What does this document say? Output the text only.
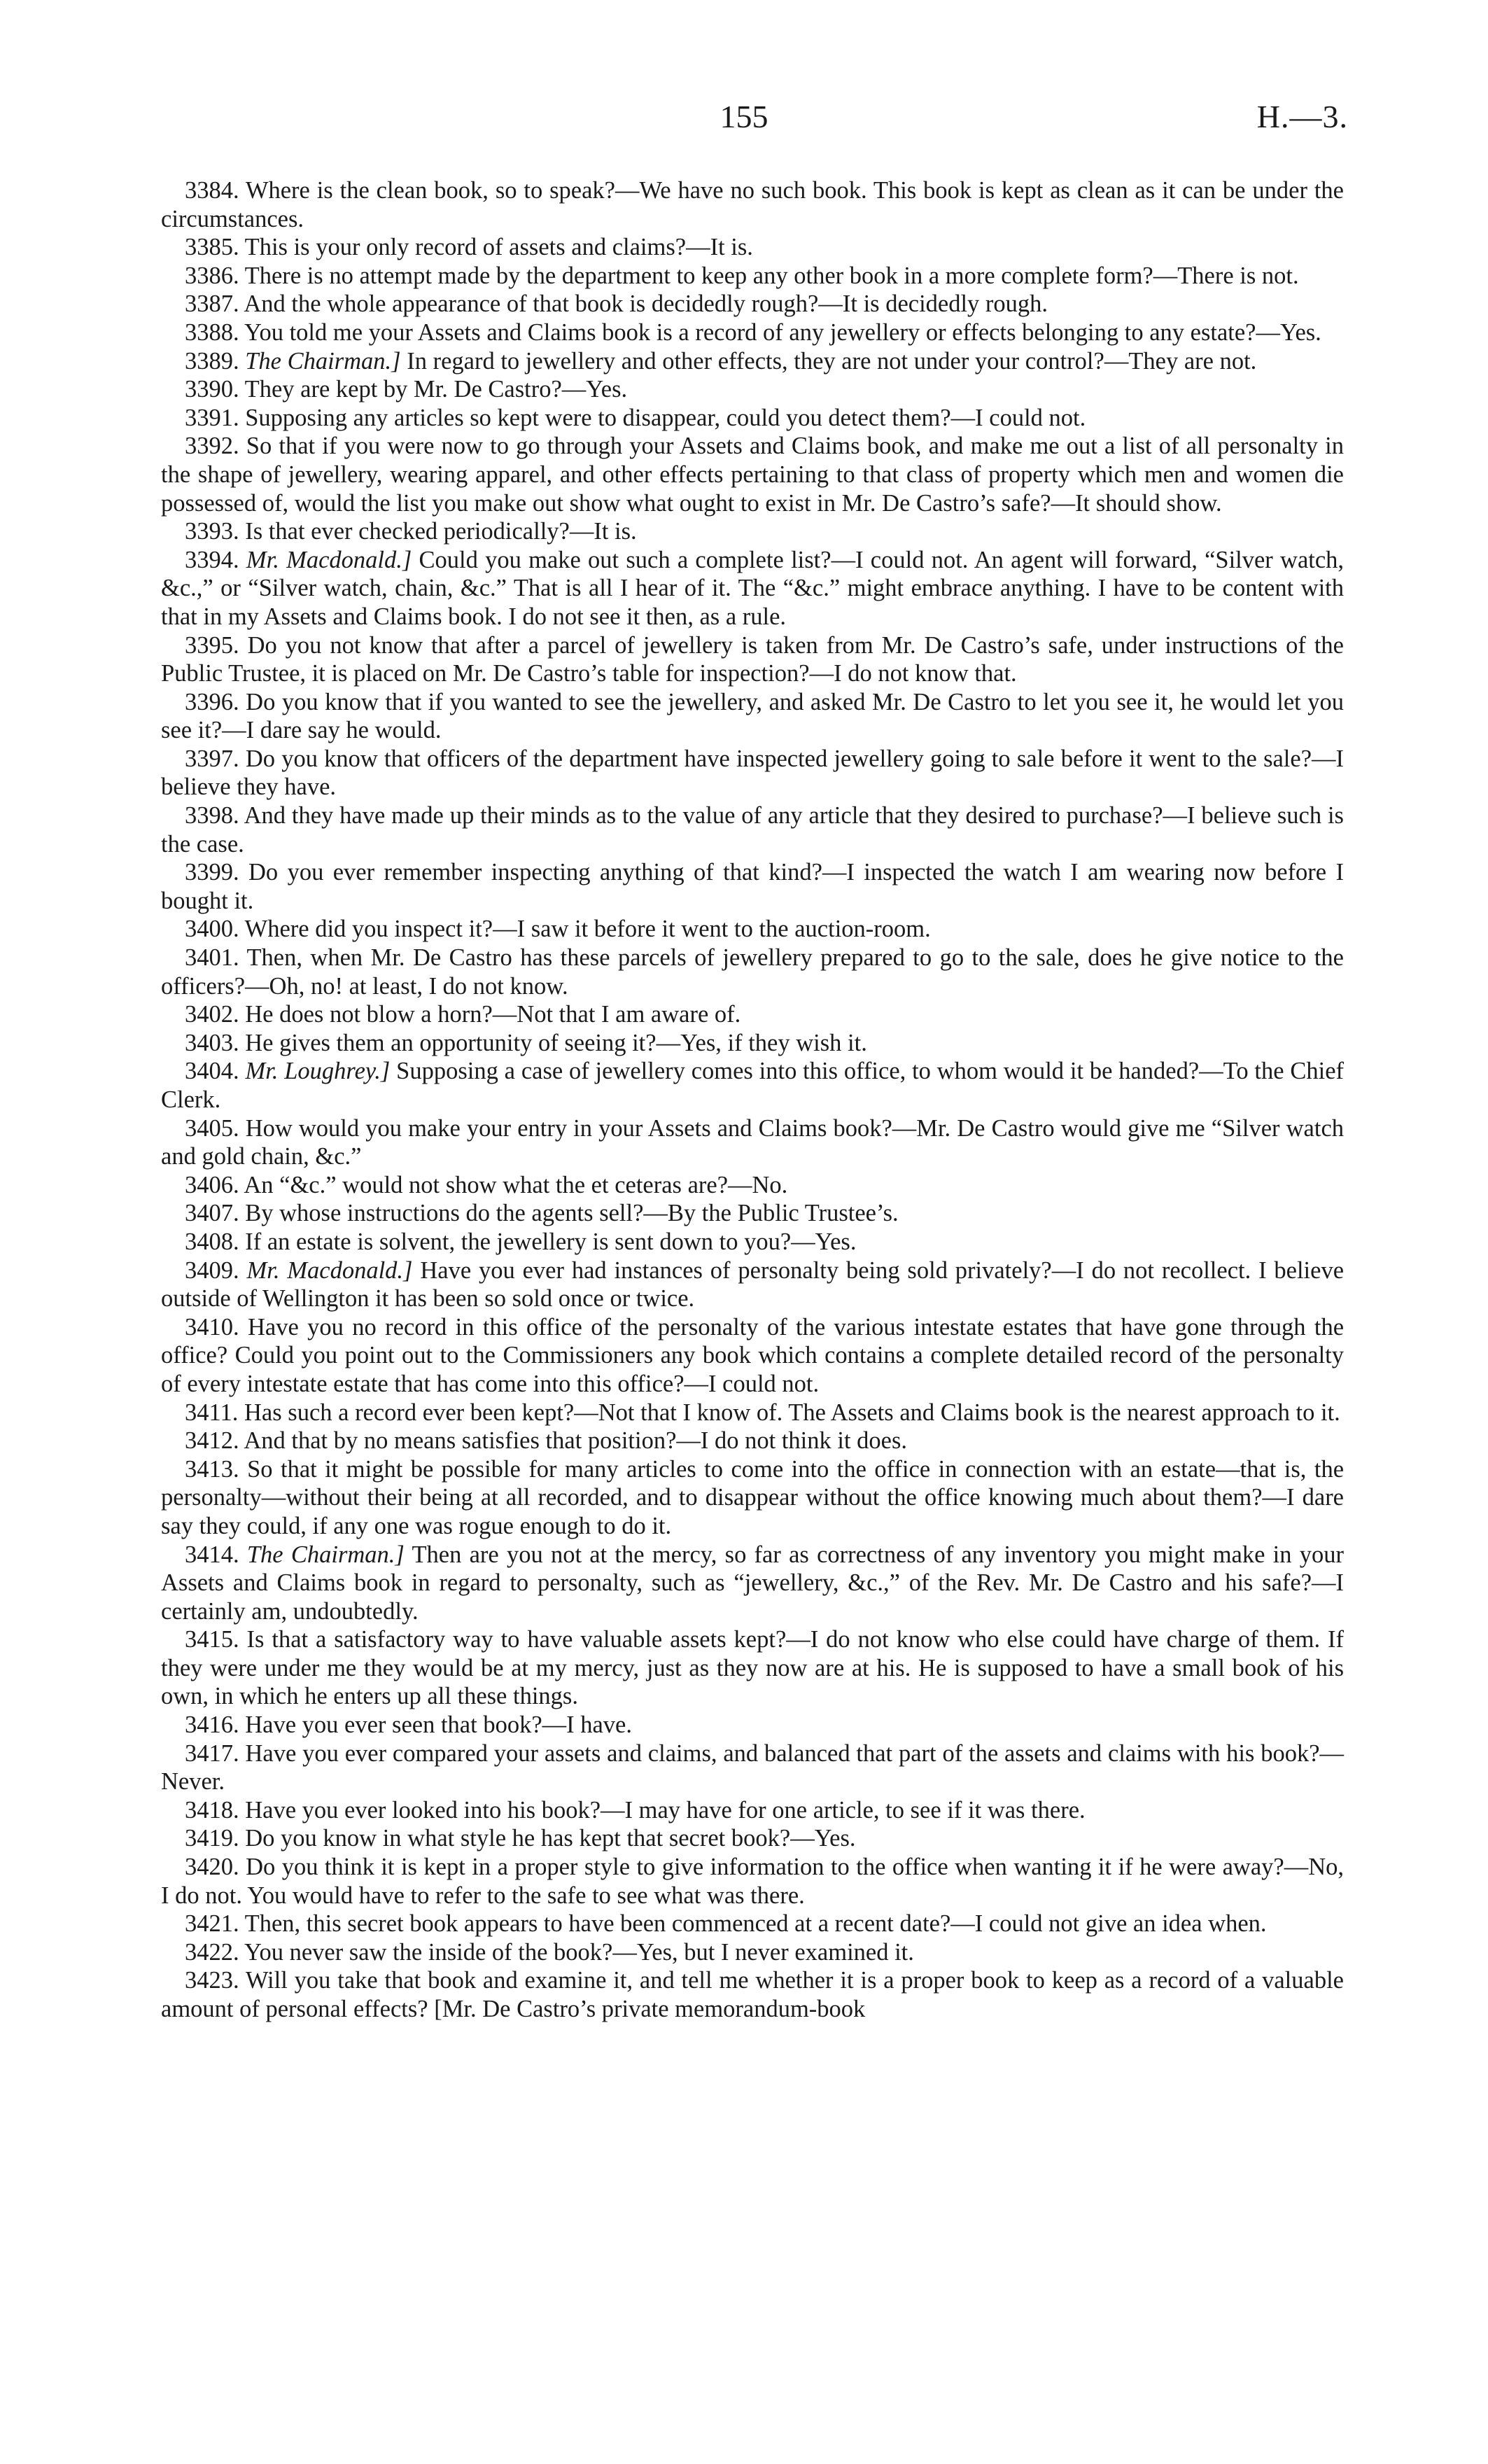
155	H.—3.

3384. Where is the clean book, so to speak?—We have no such book. This book is kept as clean as it can be under the circumstances.

3385. This is your only record of assets and claims?—It is.

3386. There is no attempt made by the department to keep any other book in a more complete form?—There is not.

3387. And the whole appearance of that book is decidedly rough?—It is decidedly rough.

3388. You told me your Assets and Claims book is a record of any jewellery or effects belonging to any estate?—Yes.

3389. The Chairman.] In regard to jewellery and other effects, they are not under your control?—They are not.

3390. They are kept by Mr. De Castro?—Yes.

3391. Supposing any articles so kept were to disappear, could you detect them?—I could not.

3392. So that if you were now to go through your Assets and Claims book, and make me out a list of all personalty in the shape of jewellery, wearing apparel, and other effects pertaining to that class of property which men and women die possessed of, would the list you make out show what ought to exist in Mr. De Castro’s safe?—It should show.

3393. Is that ever checked periodically?—It is.

3394. Mr. Macdonald.] Could you make out such a complete list?—I could not. An agent will forward, “Silver watch, &c.,” or “Silver watch, chain, &c.” That is all I hear of it. The “&c.” might embrace anything. I have to be content with that in my Assets and Claims book. I do not see it then, as a rule.

3395. Do you not know that after a parcel of jewellery is taken from Mr. De Castro’s safe, under instructions of the Public Trustee, it is placed on Mr. De Castro’s table for inspection?—I do not know that.

3396. Do you know that if you wanted to see the jewellery, and asked Mr. De Castro to let you see it, he would let you see it?—I dare say he would.

3397. Do you know that officers of the department have inspected jewellery going to sale before it went to the sale?—I believe they have.

3398. And they have made up their minds as to the value of any article that they desired to purchase?—I believe such is the case.

3399. Do you ever remember inspecting anything of that kind?—I inspected the watch I am wearing now before I bought it.

3400. Where did you inspect it?—I saw it before it went to the auction-room.

3401. Then, when Mr. De Castro has these parcels of jewellery prepared to go to the sale, does he give notice to the officers?—Oh, no! at least, I do not know.

3402. He does not blow a horn?—Not that I am aware of.

3403. He gives them an opportunity of seeing it?—Yes, if they wish it.

3404. Mr. Loughrey.] Supposing a case of jewellery comes into this office, to whom would it be handed?—To the Chief Clerk.

3405. How would you make your entry in your Assets and Claims book?—Mr. De Castro would give me “Silver watch and gold chain, &c.”

3406. An “&c.” would not show what the et ceteras are?—No.

3407. By whose instructions do the agents sell?—By the Public Trustee’s.

3408. If an estate is solvent, the jewellery is sent down to you?—Yes.

3409. Mr. Macdonald.] Have you ever had instances of personalty being sold privately?—I do not recollect. I believe outside of Wellington it has been so sold once or twice.

3410. Have you no record in this office of the personalty of the various intestate estates that have gone through the office? Could you point out to the Commissioners any book which contains a complete detailed record of the personalty of every intestate estate that has come into this office?—I could not.

3411. Has such a record ever been kept?—Not that I know of. The Assets and Claims book is the nearest approach to it.

3412. And that by no means satisfies that position?—I do not think it does.

3413. So that it might be possible for many articles to come into the office in connection with an estate—that is, the personalty—without their being at all recorded, and to disappear without the office knowing much about them?—I dare say they could, if any one was rogue enough to do it.

3414. The Chairman.] Then are you not at the mercy, so far as correctness of any inventory you might make in your Assets and Claims book in regard to personalty, such as “jewellery, &c.,” of the Rev. Mr. De Castro and his safe?—I certainly am, undoubtedly.

3415. Is that a satisfactory way to have valuable assets kept?—I do not know who else could have charge of them. If they were under me they would be at my mercy, just as they now are at his. He is supposed to have a small book of his own, in which he enters up all these things.

3416. Have you ever seen that book?—I have.

3417. Have you ever compared your assets and claims, and balanced that part of the assets and claims with his book?—Never.

3418. Have you ever looked into his book?—I may have for one article, to see if it was there.

3419. Do you know in what style he has kept that secret book?—Yes.

3420. Do you think it is kept in a proper style to give information to the office when wanting it if he were away?—No, I do not. You would have to refer to the safe to see what was there.

3421. Then, this secret book appears to have been commenced at a recent date?—I could not give an idea when.

3422. You never saw the inside of the book?—Yes, but I never examined it.

3423. Will you take that book and examine it, and tell me whether it is a proper book to keep as a record of a valuable amount of personal effects? [Mr. De Castro’s private memorandum-book
